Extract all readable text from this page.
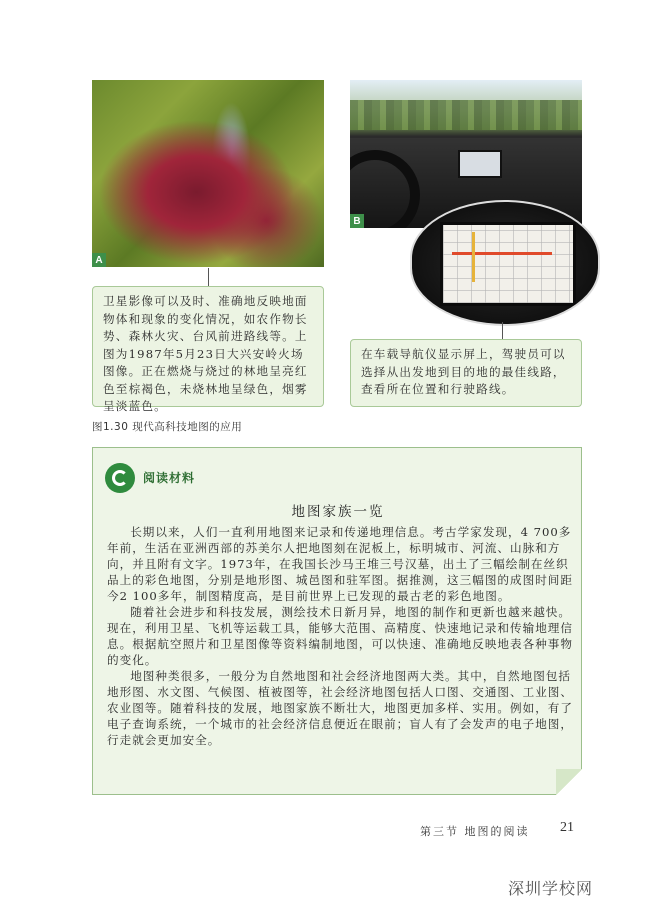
A
B
卫星影像可以及时、准确地反映地面物体和现象的变化情况，如农作物长势、森林火灾、台风前进路线等。上图为1987年5月23日大兴安岭火场图像。正在燃烧与烧过的林地呈亮红色至棕褐色，未烧林地呈绿色，烟雾呈淡蓝色。
在车载导航仪显示屏上，驾驶员可以选择从出发地到目的地的最佳线路，查看所在位置和行驶路线。
图1.30 现代高科技地图的应用
阅读材料
地图家族一览

长期以来，人们一直利用地图来记录和传递地理信息。考古学家发现，4 700多年前，生活在亚洲西部的苏美尔人把地图刻在泥板上，标明城市、河流、山脉和方向，并且附有文字。1973年，在我国长沙马王堆三号汉墓，出土了三幅绘制在丝织品上的彩色地图，分别是地形图、城邑图和驻军图。据推测，这三幅图的成图时间距今2 100多年，制图精度高，是目前世界上已发现的最古老的彩色地图。

随着社会进步和科技发展，测绘技术日新月异，地图的制作和更新也越来越快。现在，利用卫星、飞机等运载工具，能够大范围、高精度、快速地记录和传输地理信息。根据航空照片和卫星图像等资料编制地图，可以快速、准确地反映地表各种事物的变化。

地图种类很多，一般分为自然地图和社会经济地图两大类。其中，自然地图包括地形图、水文图、气候图、植被图等，社会经济地图包括人口图、交通图、工业图、农业图等。随着科技的发展，地图家族不断壮大，地图更加多样、实用。例如，有了电子查询系统，一个城市的社会经济信息便近在眼前；盲人有了会发声的电子地图，行走就会更加安全。

第三节 地图的阅读 21
深圳学校网
